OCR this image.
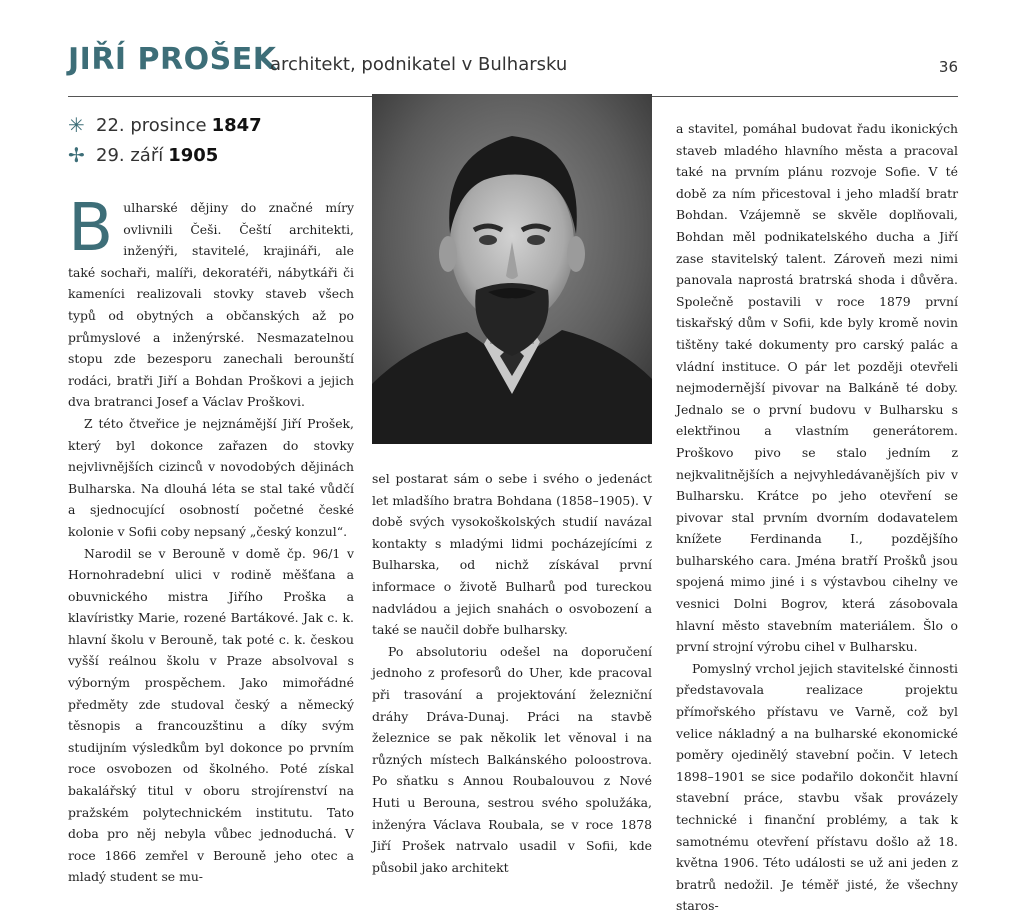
JIŘÍ PROŠEK
architekt, podnikatel v Bulharsku	36
✳ 22. prosince 1847
✢ 29. září 1905

Bulharské dějiny do značné míry ovlivnili Češi. Čeští architekti, inženýři, stavitelé, krajináři, ale také sochaři, malíři, dekoratéři, nábytkáři či kameníci realizovali stovky staveb všech typů od obytných a občanských až po průmyslové a inženýrské. Nesmazatelnou stopu zde bezesporu zanechali berounští rodáci, bratři Jiří a Bohdan Proškovi a jejich dva bratranci Josef a Václav Proškovi.

Z této čtveřice je nejznámější Jiří Prošek, který byl dokonce zařazen do stovky nejvlivnějších cizinců v novodobých dějinách Bulharska. Na dlouhá léta se stal také vůdčí a sjednocující osobností početné české kolonie v Sofii coby nepsaný „český konzul“.

Narodil se v Berouně v domě čp. 96/1 v Hornohradební ulici v rodině měšťana a obuvnického mistra Jiřího Proška a klavíristky Marie, rozené Bartákové. Jak c. k. hlavní školu v Berouně, tak poté c. k. českou vyšší reálnou školu v Praze absolvoval s výborným prospěchem. Jako mimořádné předměty zde studoval český a německý těsnopis a francouzštinu a díky svým studijním výsledkům byl dokonce po prvním roce osvobozen od školného. Poté získal bakalářský titul v oboru strojírenství na pražském polytechnickém institutu. Tato doba pro něj nebyla vůbec jednoduchá. V roce 1866 zemřel v Berouně jeho otec a mladý student se mu-

sel postarat sám o sebe i svého o jedenáct let mladšího bratra Bohdana (1858–1905). V době svých vysokoškolských studií navázal kontakty s mladými lidmi pocházejícími z Bulharska, od nichž získával první informace o životě Bulharů pod tureckou nadvládou a jejich snahách o osvobození a také se naučil dobře bulharsky.

Po absolutoriu odešel na doporučení jednoho z profesorů do Uher, kde pracoval při trasování a projektování železniční dráhy Dráva-Dunaj. Práci na stavbě železnice se pak několik let věnoval i na různých místech Balkánského poloostrova. Po sňatku s Annou Roubalouvou z Nové Huti u Berouna, sestrou svého spolužáka, inženýra Václava Roubala, se v roce 1878 Jiří Prošek natrvalo usadil v Sofii, kde působil jako architekt

a stavitel, pomáhal budovat řadu ikonických staveb mladého hlavního města a pracoval také na prvním plánu rozvoje Sofie. V té době za ním přicestoval i jeho mladší bratr Bohdan. Vzájemně se skvěle doplňovali, Bohdan měl podnikatelského ducha a Jiří zase stavitelský talent. Zároveň mezi nimi panovala naprostá bratrská shoda i důvěra. Společně postavili v roce 1879 první tiskařský dům v Sofii, kde byly kromě novin tištěny také dokumenty pro carský palác a vládní instituce. O pár let později otevřeli nejmodernější pivovar na Balkáně té doby. Jednalo se o první budovu v Bulharsku s elektřinou a vlastním generátorem. Proškovo pivo se stalo jedním z nejkvalitnějších a nejvyhledávanějších piv v Bulharsku. Krátce po jeho otevření se pivovar stal prvním dvorním dodavatelem knížete Ferdinanda I., pozdějšího bulharského cara. Jména bratří Prošků jsou spojená mimo jiné i s výstavbou cihelny ve vesnici Dolni Bogrov, která zásobovala hlavní město stavebním materiálem. Šlo o první strojní výrobu cihel v Bulharsku.

Pomyslný vrchol jejich stavitelské činnosti představovala realizace projektu přímořského přístavu ve Varně, což byl velice nákladný a na bulharské ekonomické poměry ojedinělý stavební počin. V letech 1898–1901 se sice podařilo dokončit hlavní stavební práce, stavbu však provázely technické i finanční problémy, a tak k samotnému otevření přístavu došlo až 18. května 1906. Této události se už ani jeden z bratrů nedožil. Je téměř jisté, že všechny staros-
